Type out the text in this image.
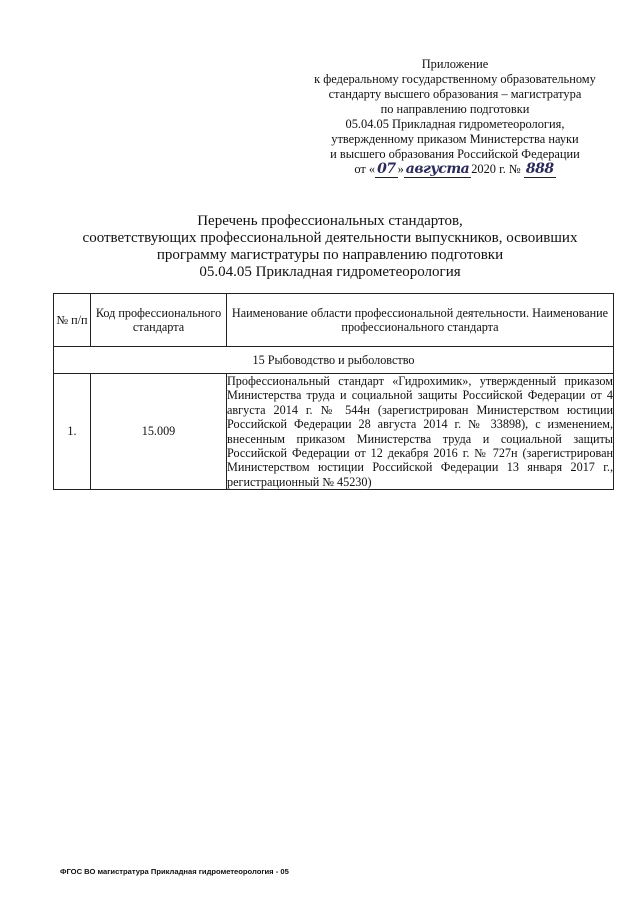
Приложение
к федеральному государственному образовательному
стандарту высшего образования – магистратура
по направлению подготовки
05.04.05 Прикладная гидрометеорология,
утвержденному приказом Министерства науки
и высшего образования Российской Федерации
от « 07 » авгусmа 2020 г. № 888
Перечень профессиональных стандартов,
соответствующих профессиональной деятельности выпускников, освоивших
программу магистратуры по направлению подготовки
05.04.05 Прикладная гидрометеорология
№ п/п	Код профессионального стандарта	Наименование области профессиональной деятельности. Наименование профессионального стандарта
15 Рыбоводство и рыболовство		
1.	15.009	Профессиональный стандарт «Гидрохимик», утвержденный приказом Министерства труда и социальной защиты Российской Федерации от 4 августа 2014 г. № 544н (зарегистрирован Министерством юстиции Российской Федерации 28 августа 2014 г. № 33898), с изменением, внесенным приказом Министерства труда и социальной защиты Российской Федерации от 12 декабря 2016 г. № 727н (зарегистрирован Министерством юстиции Российской Федерации 13 января 2017 г., регистрационный № 45230)
ФГОС ВО магистратура Прикладная гидрометеорология - 05
